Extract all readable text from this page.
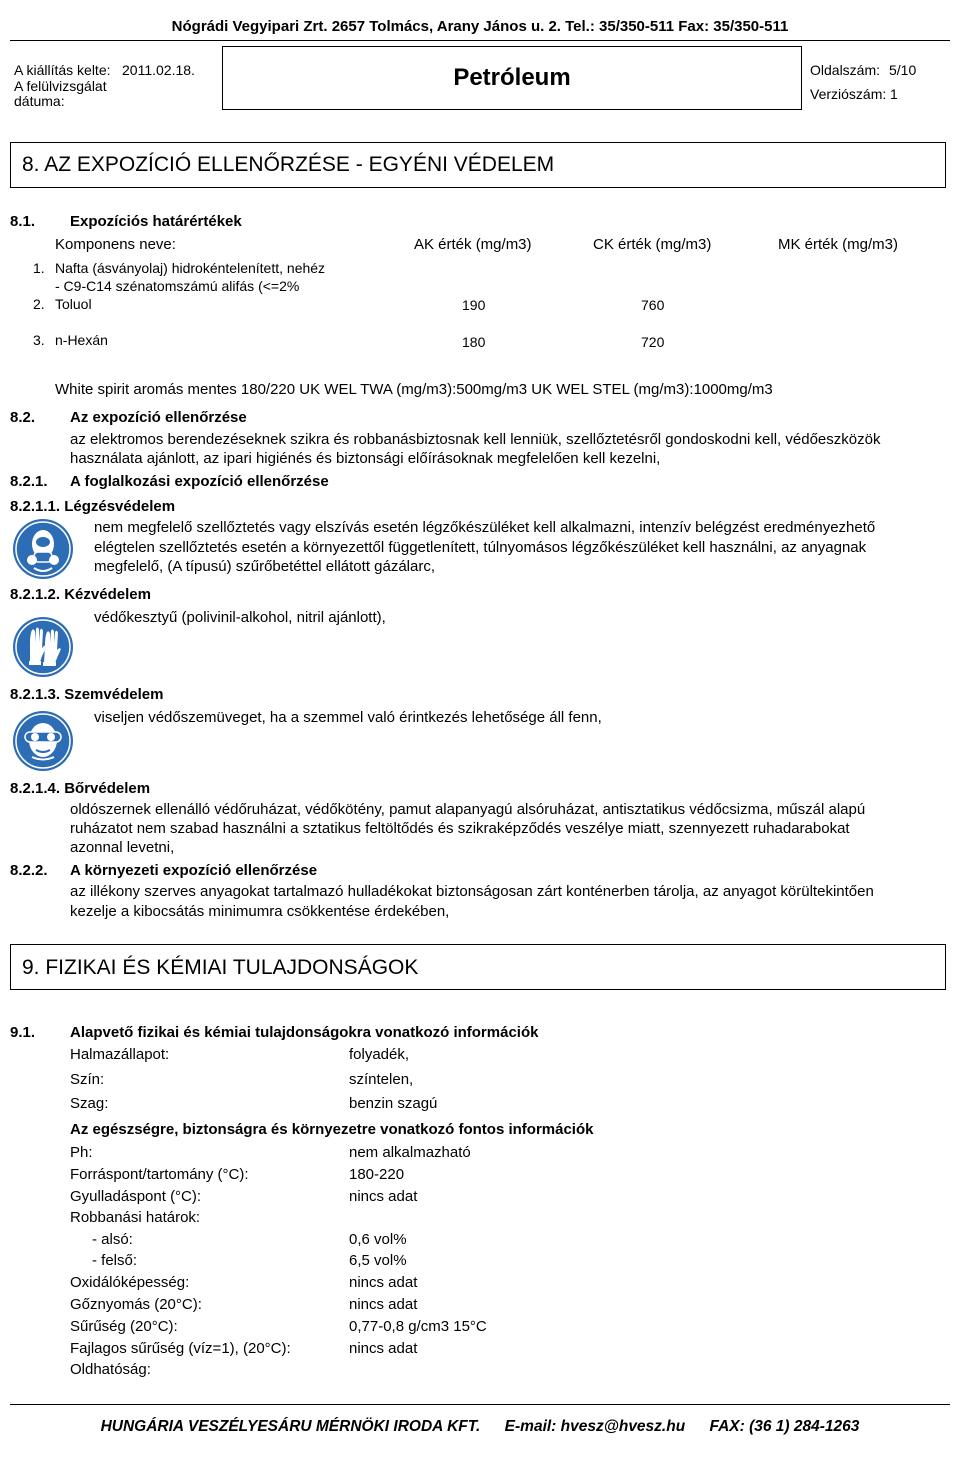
Nógrádi Vegyipari Zrt. 2657 Tolmács, Arany János u. 2. Tel.: 35/350-511 Fax: 35/350-511
A kiállítás kelte: 2011.02.18.
A felülvizsgálat
dátuma:
Petróleum	Oldalszám: 5/10
Verziószám: 1
8. AZ EXPOZÍCIÓ ELLENŐRZÉSE - EGYÉNI VÉDELEM
8.1. Expozíciós határértékek
Komponens neve:	AK érték (mg/m3)	CK érték (mg/m3)	MK érték (mg/m3)
1. Nafta (ásványolaj) hidrokéntelenített, nehéz
- C9-C14 szénatomszámú alifás (<=2%
2. Toluol	190	760
3. n-Hexán	180	720
White spirit aromás mentes 180/220 UK WEL TWA (mg/m3):500mg/m3 UK WEL STEL (mg/m3):1000mg/m3
8.2. Az expozíció ellenőrzése
az elektromos berendezéseknek szikra és robbanásbiztosnak kell lenniük, szellőztetésről gondoskodni kell, védőeszközök
használata ajánlott, az ipari higiénés és biztonsági előírásoknak megfelelően kell kezelni,
8.2.1. A foglalkozási expozíció ellenőrzése
8.2.1.1. Légzésvédelem
nem megfelelő szellőztetés vagy elszívás esetén légzőkészüléket kell alkalmazni, intenzív belégzést eredményezhető
elégtelen szellőztetés esetén a környezettől függetlenített, túlnyomásos légzőkészüléket kell használni, az anyagnak
megfelelő, (A típusú) szűrőbetéttel ellátott gázálarc,
8.2.1.2. Kézvédelem
védőkesztyű (polivinil-alkohol, nitril ajánlott),
8.2.1.3. Szemvédelem
viseljen védőszemüveget, ha a szemmel való érintkezés lehetősége áll fenn,
8.2.1.4. Bőrvédelem
oldószernek ellenálló védőruházat, védőkötény, pamut alapanyagú alsóruházat, antisztatikus védőcsizma, műszál alapú
ruházatot nem szabad használni a sztatikus feltöltődés és szikraképződés veszélye miatt, szennyezett ruhadarabokat
azonnal levetni,
8.2.2. A környezeti expozíció ellenőrzése
az illékony szerves anyagokat tartalmazó hulladékokat biztonságosan zárt konténerben tárolja, az anyagot körültekintően
kezelje a kibocsátás minimumra csökkentése érdekében,
9. FIZIKAI ÉS KÉMIAI TULAJDONSÁGOK
9.1. Alapvető fizikai és kémiai tulajdonságokra vonatkozó információk
Halmazállapot:	folyadék,
Szín:	színtelen,
Szag:	benzin szagú
Az egészségre, biztonságra és környezetre vonatkozó fontos információk
Ph:	nem alkalmazható
Forráspont/tartomány (°C):	180-220
Gyulladáspont (°C):	nincs adat
Robbanási határok:
- alsó:	0,6 vol%
- felső:	6,5 vol%
Oxidálóképesség:	nincs adat
Gőznyomás (20°C):	nincs adat
Sűrűség (20°C):	0,77-0,8 g/cm3 15°C
Fajlagos sűrűség (víz=1), (20°C):	nincs adat
Oldhatóság:
HUNGÁRIA VESZÉLYESÁRU MÉRNÖKI IRODA KFT. E-mail: hvesz@hvesz.hu FAX: (36 1) 284-1263
